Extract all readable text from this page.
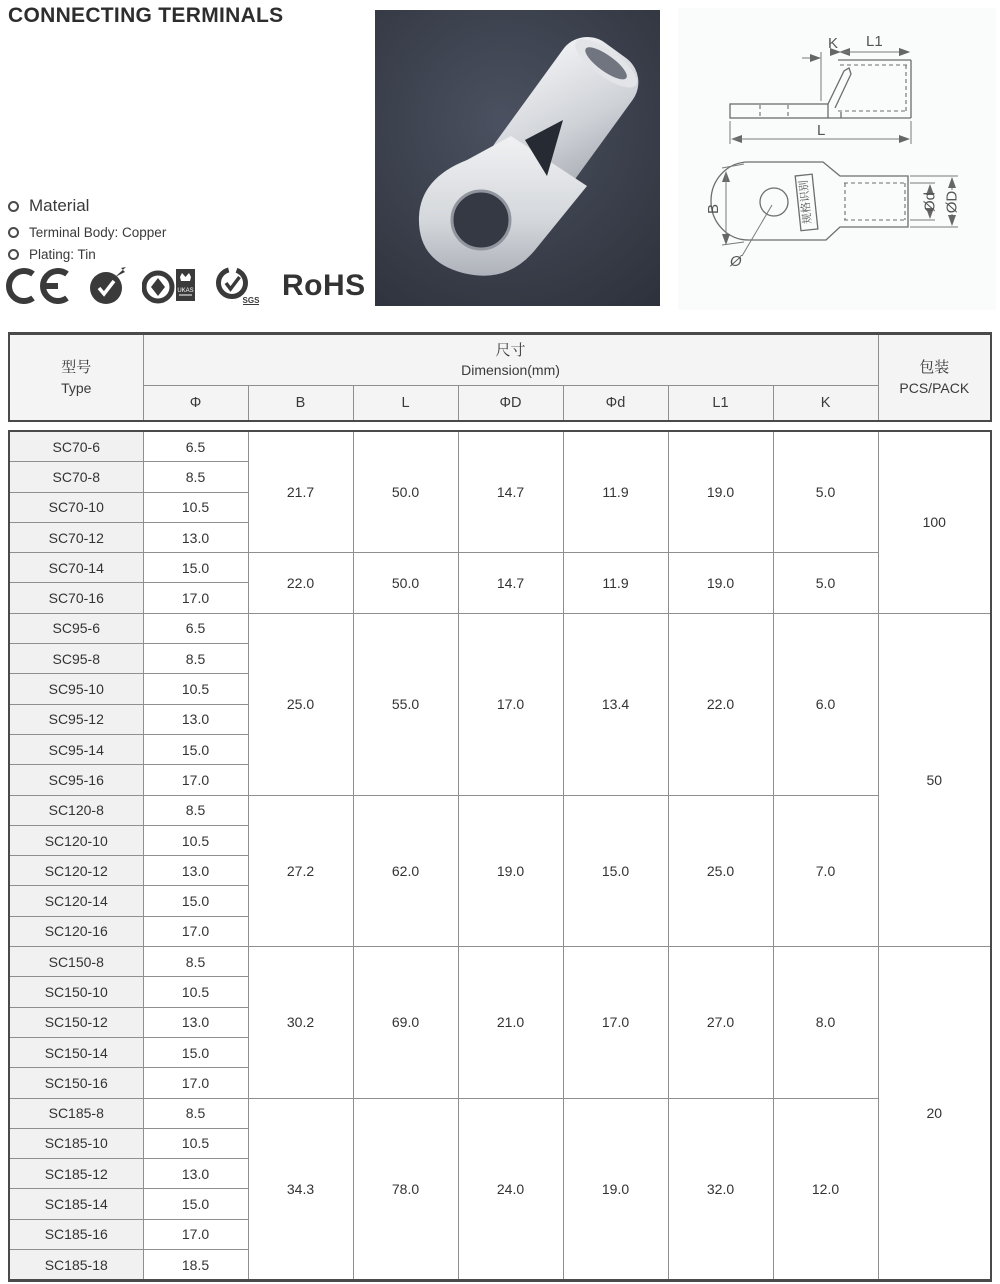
CONNECTING TERMINALS
K L1
L
规格识别
B
Ø
Ød ØD
Material
Terminal Body: Copper
Plating: Tin
UKAS
SGS RoHS
型号
Type

尺寸
Dimension(mm)	包装
PCS/PACK

	Φ	B	L	ΦD	Φd	L1	K	
SC70-6	6.5	21.7	50.0	14.7	11.9	19.0	5.0	100
SC70-8	8.5							
SC70-10	10.5							
SC70-12	13.0							
SC70-14	15.0	22.0	50.0	14.7	11.9	19.0	5.0	
SC70-16	17.0							
SC95-6	6.5	25.0	55.0	17.0	13.4	22.0	6.0	50
SC95-8	8.5							
SC95-10	10.5							
SC95-12	13.0							
SC95-14	15.0							
SC95-16	17.0							
SC120-8	8.5	27.2	62.0	19.0	15.0	25.0	7.0	
SC120-10	10.5							
SC120-12	13.0							
SC120-14	15.0							
SC120-16	17.0							
SC150-8	8.5	30.2	69.0	21.0	17.0	27.0	8.0	20
SC150-10	10.5							
SC150-12	13.0							
SC150-14	15.0							
SC150-16	17.0							
SC185-8	8.5	34.3	78.0	24.0	19.0	32.0	12.0	
SC185-10	10.5							
SC185-12	13.0							
SC185-14	15.0							
SC185-16	17.0							
SC185-18	18.5							
